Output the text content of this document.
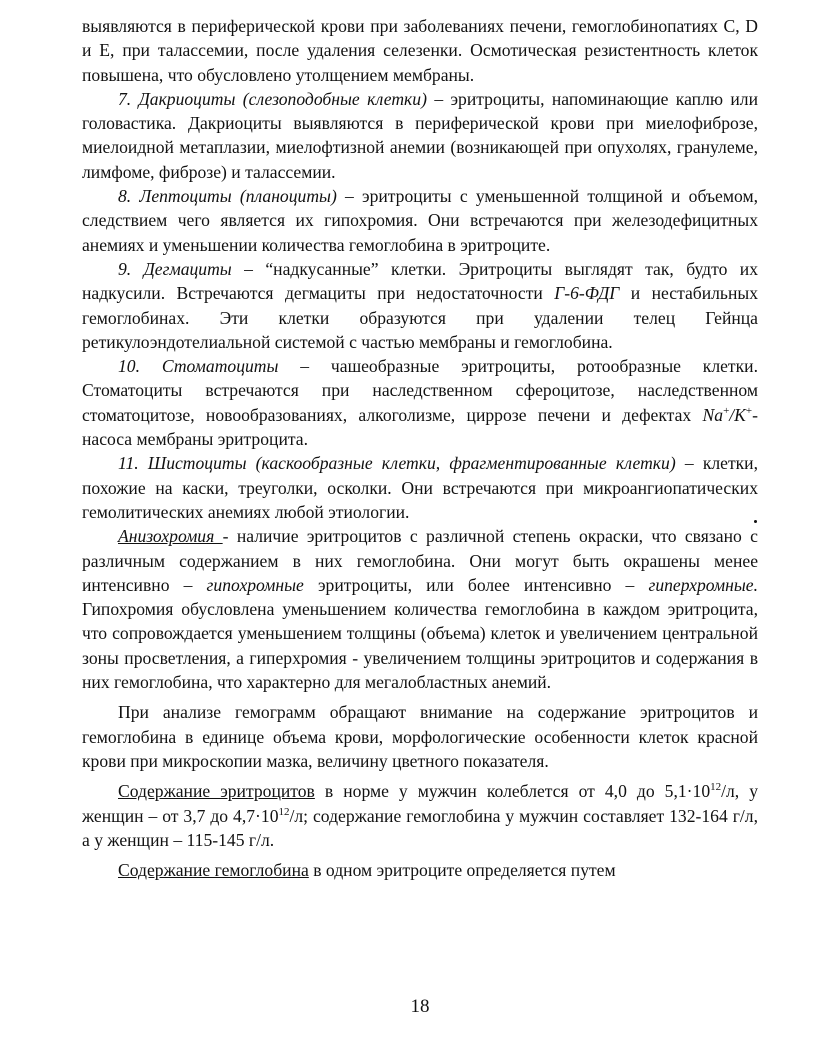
выявляются в периферической крови при заболеваниях печени, гемоглобинопатиях C, D и E, при талассемии, после удаления селезенки. Осмотическая резистентность клеток повышена, что обусловлено утолщением мембраны.

7. Дакриоциты (слезоподобные клетки) – эритроциты, напоминающие каплю или головастика. Дакриоциты выявляются в периферической крови при миелофиброзе, миелоидной метаплазии, миелофтизной анемии (возникающей при опухолях, гранулеме, лимфоме, фиброзе) и талассемии.

8. Лептоциты (планоциты) – эритроциты с уменьшенной толщиной и объемом, следствием чего является их гипохромия. Они встречаются при железодефицитных анемиях и уменьшении количества гемоглобина в эритроците.

9. Дегмациты – “надкусанные” клетки. Эритроциты выглядят так, будто их надкусили. Встречаются дегмациты при недостаточности Г-6-ФДГ и нестабильных гемоглобинах. Эти клетки образуются при удалении телец Гейнца ретикулоэндотелиальной системой с частью мембраны и гемоглобина.

10. Стоматоциты – чашеобразные эритроциты, ротообразные клетки. Стоматоциты встречаются при наследственном сфероцитозе, наследственном стоматоцитозе, новообразованиях, алкоголизме, циррозе печени и дефектах Na+/K+-насоса мембраны эритроцита.

11. Шистоциты (каскообразные клетки, фрагментированные клетки) – клетки, похожие на каски, треуголки, осколки. Они встречаются при микроангиопатических гемолитических анемиях любой этиологии.

Анизохромия - наличие эритроцитов с различной степень окраски, что связано с различным содержанием в них гемоглобина. Они могут быть окрашены менее интенсивно – гипохромные эритроциты, или более интенсивно – гиперхромные. Гипохромия обусловлена уменьшением количества гемоглобина в каждом эритроцита, что сопровождается уменьшением толщины (объема) клеток и увеличением центральной зоны просветления, а гиперхромия - увеличением толщины эритроцитов и содержания в них гемоглобина, что характерно для мегалобластных анемий.

При анализе гемограмм обращают внимание на содержание эритроцитов и гемоглобина в единице объема крови, морфологические особенности клеток красной крови при микроскопии мазка, величину цветного показателя.

Содержание эритроцитов в норме у мужчин колеблется от 4,0 до $5,1\cdot 10^{12}/л$, у женщин – от 3,7 до $4,7\cdot 10^{12}/л$; содержание гемоглобина у мужчин составляет 132-164 г/л, а у женщин – 115-145 г/л.

Содержание гемоглобина в одном эритроците определяется путем

18
